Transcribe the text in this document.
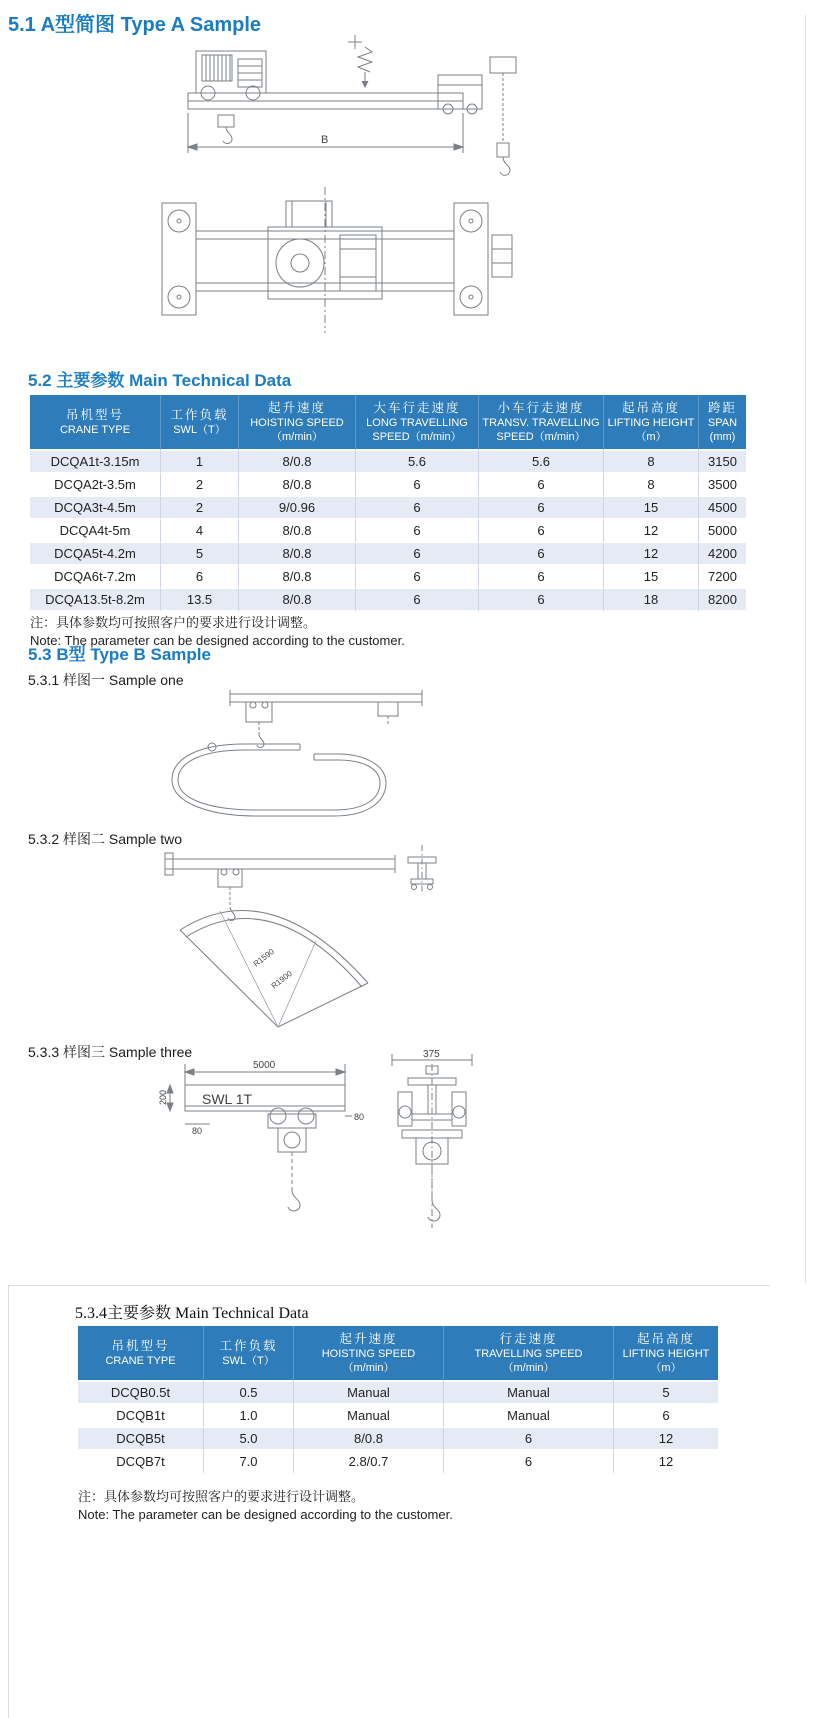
5.1 A型简图 Type A Sample
B
5.2 主要参数 Main Technical Data
吊机型号
CRANE TYPE

工作负载
SWL（T）

起升速度
HOISTING SPEED
（m/min）

大车行走速度
LONG TRAVELLING
SPEED（m/min）

小车行走速度
TRANSV. TRAVELLING
SPEED（m/min）

起吊高度
LIFTING HEIGHT
（m）

跨距
SPAN
(mm)

DCQA1t-3.15m	1	8/0.8	5.6	5.6	8	3150
DCQA2t-3.5m	2	8/0.8	6	6	8	3500
DCQA3t-4.5m	2	9/0.96	6	6	15	4500
DCQA4t-5m	4	8/0.8	6	6	12	5000
DCQA5t-4.2m	5	8/0.8	6	6	12	4200
DCQA6t-7.2m	6	8/0.8	6	6	15	7200
DCQA13.5t-8.2m	13.5	8/0.8	6	6	18	8200
注：具体参数均可按照客户的要求进行设计调整。
Note: The parameter can be designed according to the customer.
5.3 B型 Type B Sample
5.3.1 样图一 Sample one
5.3.2 样图二 Sample two
R1590
R1900
5.3.3 样图三 Sample three
5000
200
80
80
375
SWL 1T
5.3.4主要参数 Main Technical Data
吊机型号
CRANE TYPE

工作负载
SWL（T）

起升速度
HOISTING SPEED
（m/min）

行走速度
TRAVELLING SPEED
（m/min）

起吊高度
LIFTING HEIGHT
（m）

DCQB0.5t	0.5	Manual	Manual	5
DCQB1t	1.0	Manual	Manual	6
DCQB5t	5.0	8/0.8	6	12
DCQB7t	7.0	2.8/0.7	6	12
注：具体参数均可按照客户的要求进行设计调整。
Note: The parameter can be designed according to the customer.
